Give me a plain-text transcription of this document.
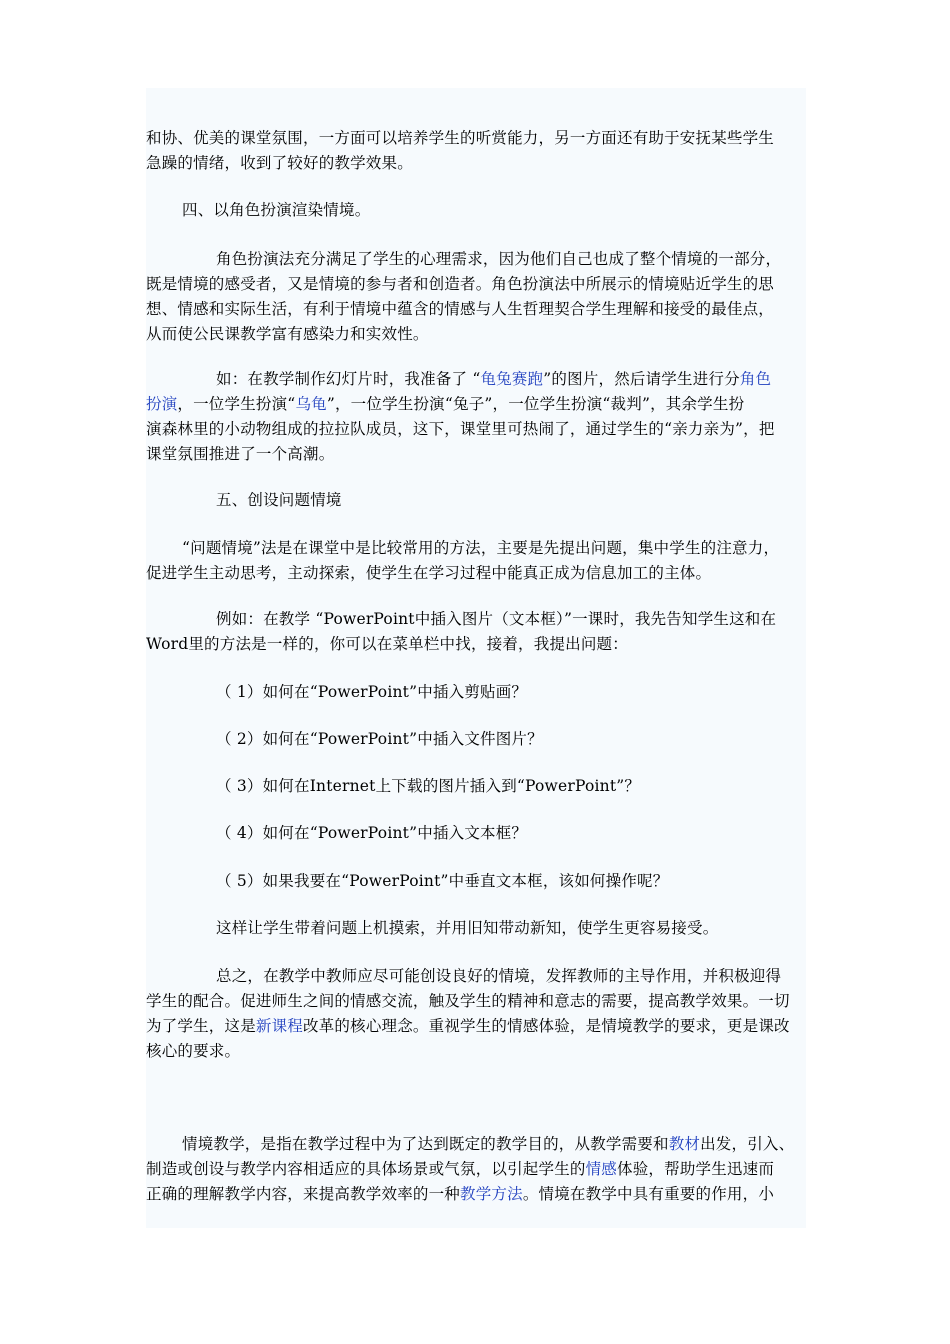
和协、优美的课堂氛围，一方面可以培养学生的听赏能力，另一方面还有助于安抚某些学生
急躁的情绪，收到了较好的教学效果。
四、以角色扮演渲染情境。
角色扮演法充分满足了学生的心理需求，因为他们自己也成了整个情境的一部分，
既是情境的感受者，又是情境的参与者和创造者。角色扮演法中所展示的情境贴近学生的思
想、情感和实际生活，有利于情境中蕴含的情感与人生哲理契合学生理解和接受的最佳点，
从而使公民课教学富有感染力和实效性。
如：在教学制作幻灯片时，我准备了 “龟兔赛跑”的图片，然后请学生进行分角色
扮演，一位学生扮演“乌龟”，一位学生扮演“兔子”，一位学生扮演“裁判”，其余学生扮
演森林里的小动物组成的拉拉队成员，这下，课堂里可热闹了，通过学生的“亲力亲为”，把
课堂氛围推进了一个高潮。
五、创设问题情境
“问题情境”法是在课堂中是比较常用的方法，主要是先提出问题，集中学生的注意力，
促进学生主动思考，主动探索，使学生在学习过程中能真正成为信息加工的主体。
例如：在教学 “PowerPoint中插入图片（文本框）”一课时，我先告知学生这和在
Word里的方法是一样的，你可以在菜单栏中找，接着，我提出问题：
（ 1）如何在“PowerPoint”中插入剪贴画？
（ 2）如何在“PowerPoint”中插入文件图片？
（ 3）如何在Internet上下载的图片插入到“PowerPoint”？
（ 4）如何在“PowerPoint”中插入文本框？
（ 5）如果我要在“PowerPoint”中垂直文本框，该如何操作呢？
这样让学生带着问题上机摸索，并用旧知带动新知，使学生更容易接受。
总之，在教学中教师应尽可能创设良好的情境，发挥教师的主导作用，并积极迎得
学生的配合。促进师生之间的情感交流，触及学生的精神和意志的需要，提高教学效果。一切
为了学生，这是新课程改革的核心理念。重视学生的情感体验，是情境教学的要求，更是课改
核心的要求。
情境教学，是指在教学过程中为了达到既定的教学目的，从教学需要和教材出发，引入、
制造或创设与教学内容相适应的具体场景或气氛，以引起学生的情感体验，帮助学生迅速而
正确的理解教学内容，来提高教学效率的一种教学方法。情境在教学中具有重要的作用，小
